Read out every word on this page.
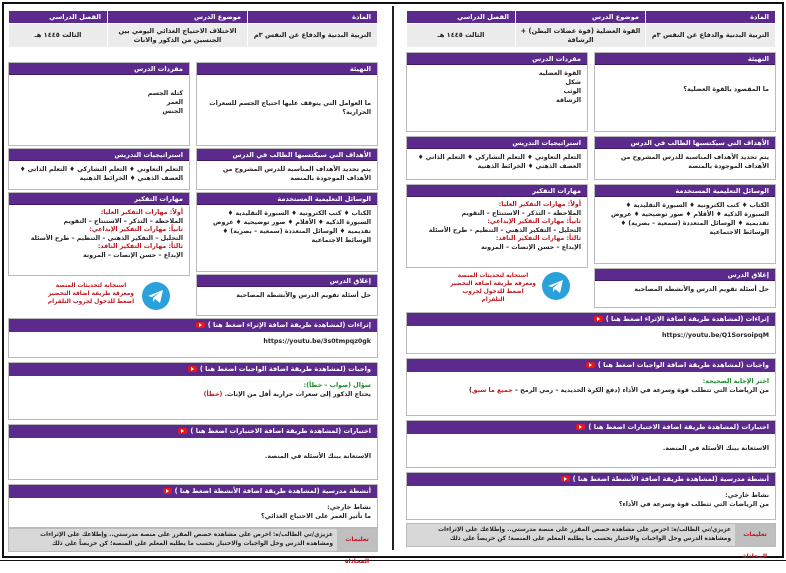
المادة	موضوع الدرس	الفصل الدراسي
التربية البدنية والدفاع عن النفس ٣م	القوة العضلية (قوة عضلات البطن) + الرشاقة	الثالث ١٤٤٥ هـ
التهيئة
ما المقصود بالقوة العضلية؟
مفردات الدرس
القوة العضلية
شكل
الوثب
الرشاقة
الأهداف التي سيكتسبها الطالب في الدرس
يتم تحديد الأهداف المناسبة للدرس المشروح من الأهداف الموجودة بالمنصة
استراتيجيات التدريس
التعلم التعاوني ♦ التعلم التشاركي ♦ التعلم الذاتي ♦ العصف الذهني ♦ الخرائط الذهنية
الوسائل التعليمية المستخدمة
الكتاب ♦ كتب الكترونية ♦ السبورة التقليدية ♦ السبورة الذكية ♦ الأقلام ♦ صور توضيحية ♦ عروض تقديمية ♦ الوسائل المتعددة (سمعية – بصرية) ♦ الوسائط الاجتماعية
مهارات التفكير
أولاً: مهارات التفكير العليا:
الملاحظة – التذكر – الاستنتاج – التقويم
ثانياً: مهارات التفكير الإبداعي:
التحليل – التفكير الذهني – التنظيم – طرح الأسئلة
ثالثاً: مهارات التفكير الناقد:
الإبداع – حسن الإنصات – المرونة
إغلاق الدرس
حل أسئلة تقويم الدرس والأنشطة المصاحبة
استجابة لتحديثات المنصة
ومعرفة طريقة اضافة التحضير
اضغط للدخول لجروب التلقرام
إثراءات (لمشاهدة طريقة اضافة الإثراء اضغط هنا )
https://youtu.be/Q1SorsoipqM
واجبات (لمشاهدة طريقة اضافة الواجبات اضغط هنا )
اختر الإجابة الصحيحة:
من الرياضات التي تتطلب قوة وسرعة في الأداء (دفع الكرة الحديدية – رمي الرمح – جميع ما سبق)
اختبارات (لمشاهدة طريقة اضافة الاختبارات اضغط هنا )
الاستعانة ببنك الأسئلة في المنصة.
أنشطة مدرسية (لمشاهدة طريقة اضافة الأنشطة اضغط هنا )
نشاط خارجي:
من الرياضات التي تتطلب قوة وسرعة في الأداء؟
تعليمات المحاذاة
عزيزي/تي الطالب/ة: احرص على مشاهدة حصص المقرر على منصة مدرستي.. وإطلاعك على الإثراءات ومشاهدة الدرس وحل الواجبات والاختبار بحسب ما يطلبه المعلم على المنصة؛ كن حريصاً على ذلك
المادة	موضوع الدرس	الفصل الدراسي
التربية البدنية والدفاع عن النفس ٣م	الاختلاف الاحتياج الغذائي اليومي بين الجنسين من الذكور والاناث	الثالث ١٤٤٥ هـ
التهيئة
ما العوامل التي يتوقف عليها احتياج الجسم للسعرات الحرارية؟
مفردات الدرس
كتلة الجسم
العمر
الجنس
الأهداف التي سيكتسبها الطالب في الدرس
يتم تحديد الأهداف المناسبة للدرس المشروح من الأهداف الموجودة بالمنصة
استراتيجيات التدريس
التعلم التعاوني ♦ التعلم التشاركي ♦ التعلم الذاتي ♦ العصف الذهني ♦ الخرائط الذهنية
الوسائل التعليمية المستخدمة
الكتاب ♦ كتب الكترونية ♦ السبورة التقليدية ♦ السبورة الذكية ♦ الأقلام ♦ صور توضيحية ♦ عروض تقديمية ♦ الوسائل المتعددة (سمعية – بصرية) ♦ الوسائط الاجتماعية
مهارات التفكير
أولاً: مهارات التفكير العليا:
الملاحظة – التذكر – الاستنتاج – التقويم
ثانياً: مهارات التفكير الإبداعي:
التحليل – التفكير الذهني – التنظيم – طرح الأسئلة
ثالثاً: مهارات التفكير الناقد:
الإبداع – حسن الإنصات – المرونة
إغلاق الدرس
حل أسئلة تقويم الدرس والأنشطة المصاحبة
استجابة لتحديثات المنصة
ومعرفة طريقة اضافة التحضير
اضغط للدخول لجروب التلقرام
إثراءات (لمشاهدة طريقة اضافة الإثراء اضغط هنا )
https://youtu.be/3s0tmpqz0gk
واجبات (لمشاهدة طريقة اضافة الواجبات اضغط هنا )
سؤال (صواب – خطأ):
يحتاج الذكور إلى سعرات حرارية أقل من الإناث. (خطأ)
اختبارات (لمشاهدة طريقة اضافة الاختبارات اضغط هنا )
الاستعانة ببنك الأسئلة في المنصة.
أنشطة مدرسية (لمشاهدة طريقة اضافة الأنشطة اضغط هنا )
نشاط خارجي:
ما تأثير العمر على الاحتياج الغذائي؟
تعليمات المحاذاة
عزيزي/تي الطالب/ة: احرص على مشاهدة حصص المقرر على منصة مدرستي.. وإطلاعك على الإثراءات ومشاهدة الدرس وحل الواجبات والاختبار بحسب ما يطلبه المعلم على المنصة؛ كن حريصاً على ذلك
